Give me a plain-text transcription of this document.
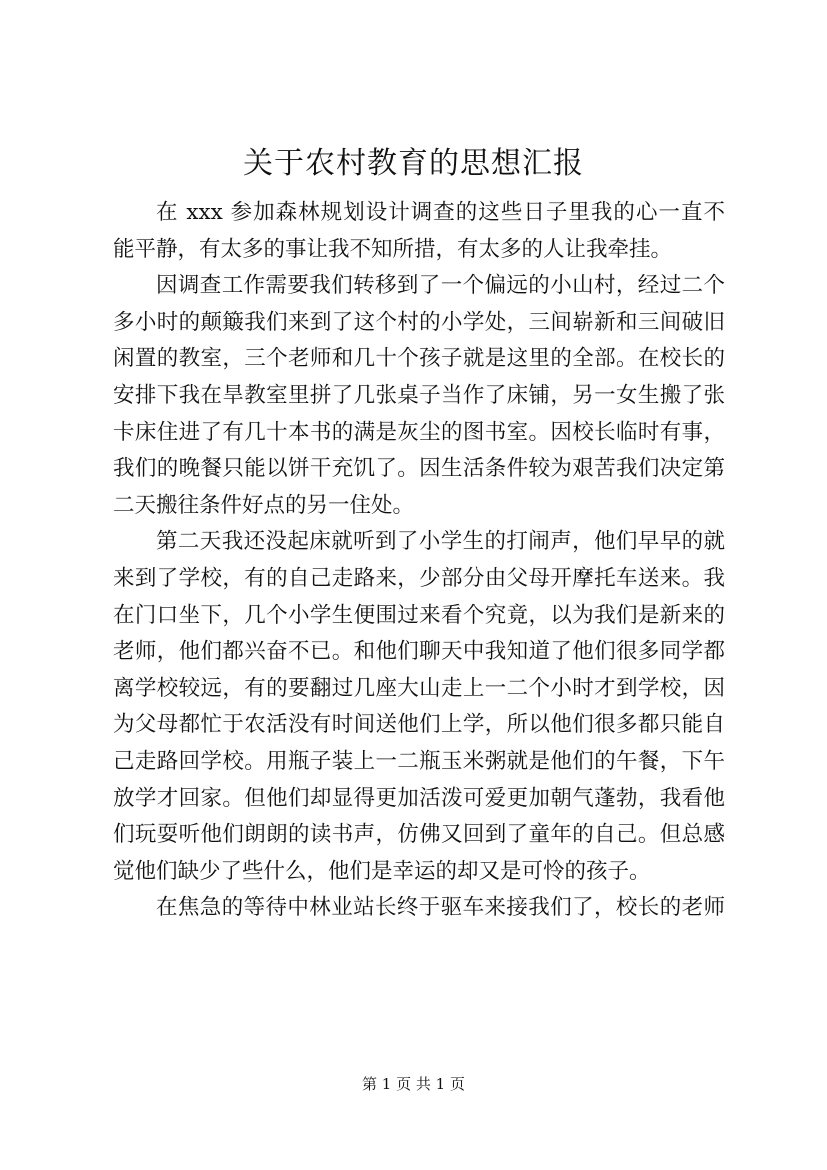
关于农村教育的思想汇报
在 xxx 参加森林规划设计调查的这些日子里我的心一直不
能平静，有太多的事让我不知所措，有太多的人让我牵挂。
因调查工作需要我们转移到了一个偏远的小山村，经过二个
多小时的颠簸我们来到了这个村的小学处，三间崭新和三间破旧
闲置的教室，三个老师和几十个孩子就是这里的全部。在校长的
安排下我在旱教室里拼了几张桌子当作了床铺，另一女生搬了张
卡床住进了有几十本书的满是灰尘的图书室。因校长临时有事，
我们的晚餐只能以饼干充饥了。因生活条件较为艰苦我们决定第
二天搬往条件好点的另一住处。
第二天我还没起床就听到了小学生的打闹声，他们早早的就
来到了学校，有的自己走路来，少部分由父母开摩托车送来。我
在门口坐下，几个小学生便围过来看个究竟，以为我们是新来的
老师，他们都兴奋不已。和他们聊天中我知道了他们很多同学都
离学校较远，有的要翻过几座大山走上一二个小时才到学校，因
为父母都忙于农活没有时间送他们上学，所以他们很多都只能自
己走路回学校。用瓶子装上一二瓶玉米粥就是他们的午餐，下午
放学才回家。但他们却显得更加活泼可爱更加朝气蓬勃，我看他
们玩耍听他们朗朗的读书声，仿佛又回到了童年的自己。但总感
觉他们缺少了些什么，他们是幸运的却又是可怜的孩子。
在焦急的等待中林业站长终于驱车来接我们了，校长的老师
第 1 页 共 1 页
